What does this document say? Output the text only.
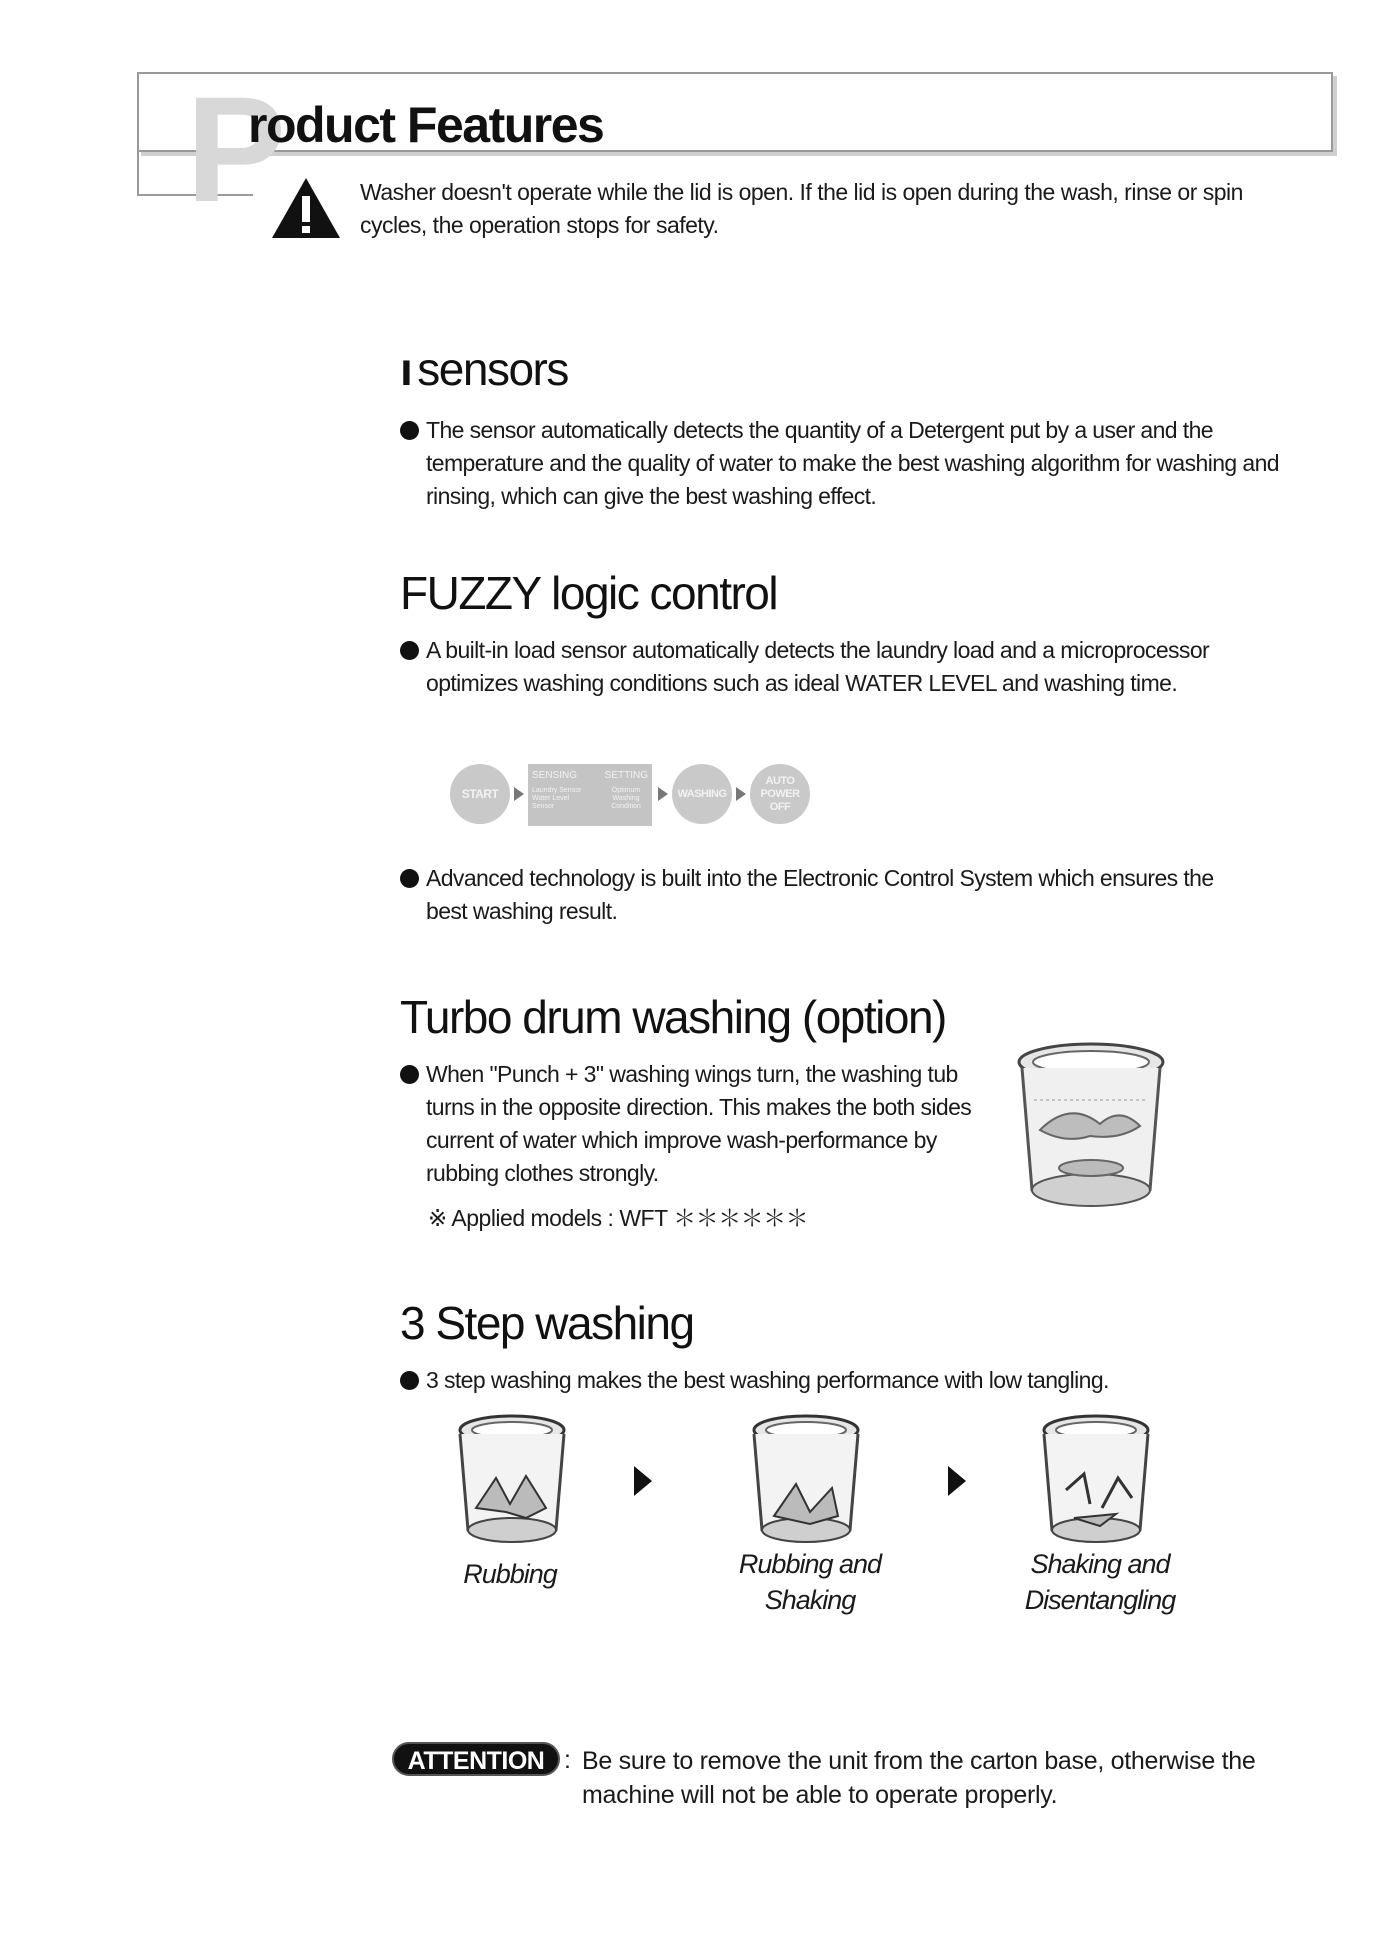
P
roduct Features
Washer doesn't operate while the lid is open. If the lid is open during the wash, rinse or spin cycles, the operation stops for safety.
ı sensors
The sensor automatically detects the quantity of a Detergent put by a user and the temperature and the quality of water to make the best washing algorithm for washing and rinsing, which can give the best washing effect.
FUZZY logic control
A built-in load sensor automatically detects the laundry load and a microprocessor optimizes washing conditions such as ideal WATER LEVEL and washing time.
START
SENSING	SETTING
Laundry Sensor Water Level Sensor
Optimum Washing Condition
WASHING
AUTO POWER OFF
Advanced technology is built into the Electronic Control System which ensures the best washing result.
Turbo drum washing (option)
When "Punch + 3" washing wings turn, the washing tub turns in the opposite direction. This makes the both sides current of water which improve wash-performance by rubbing clothes strongly.
※ Applied models : WFT ＊＊＊＊＊＊
3 Step washing
3 step washing makes the best washing performance with low tangling.
Rubbing	Rubbing and
Shaking
Shaking and
Disentangling
ATTENTION : Be sure to remove the unit from the carton base, otherwise the machine will not be able to operate properly.
